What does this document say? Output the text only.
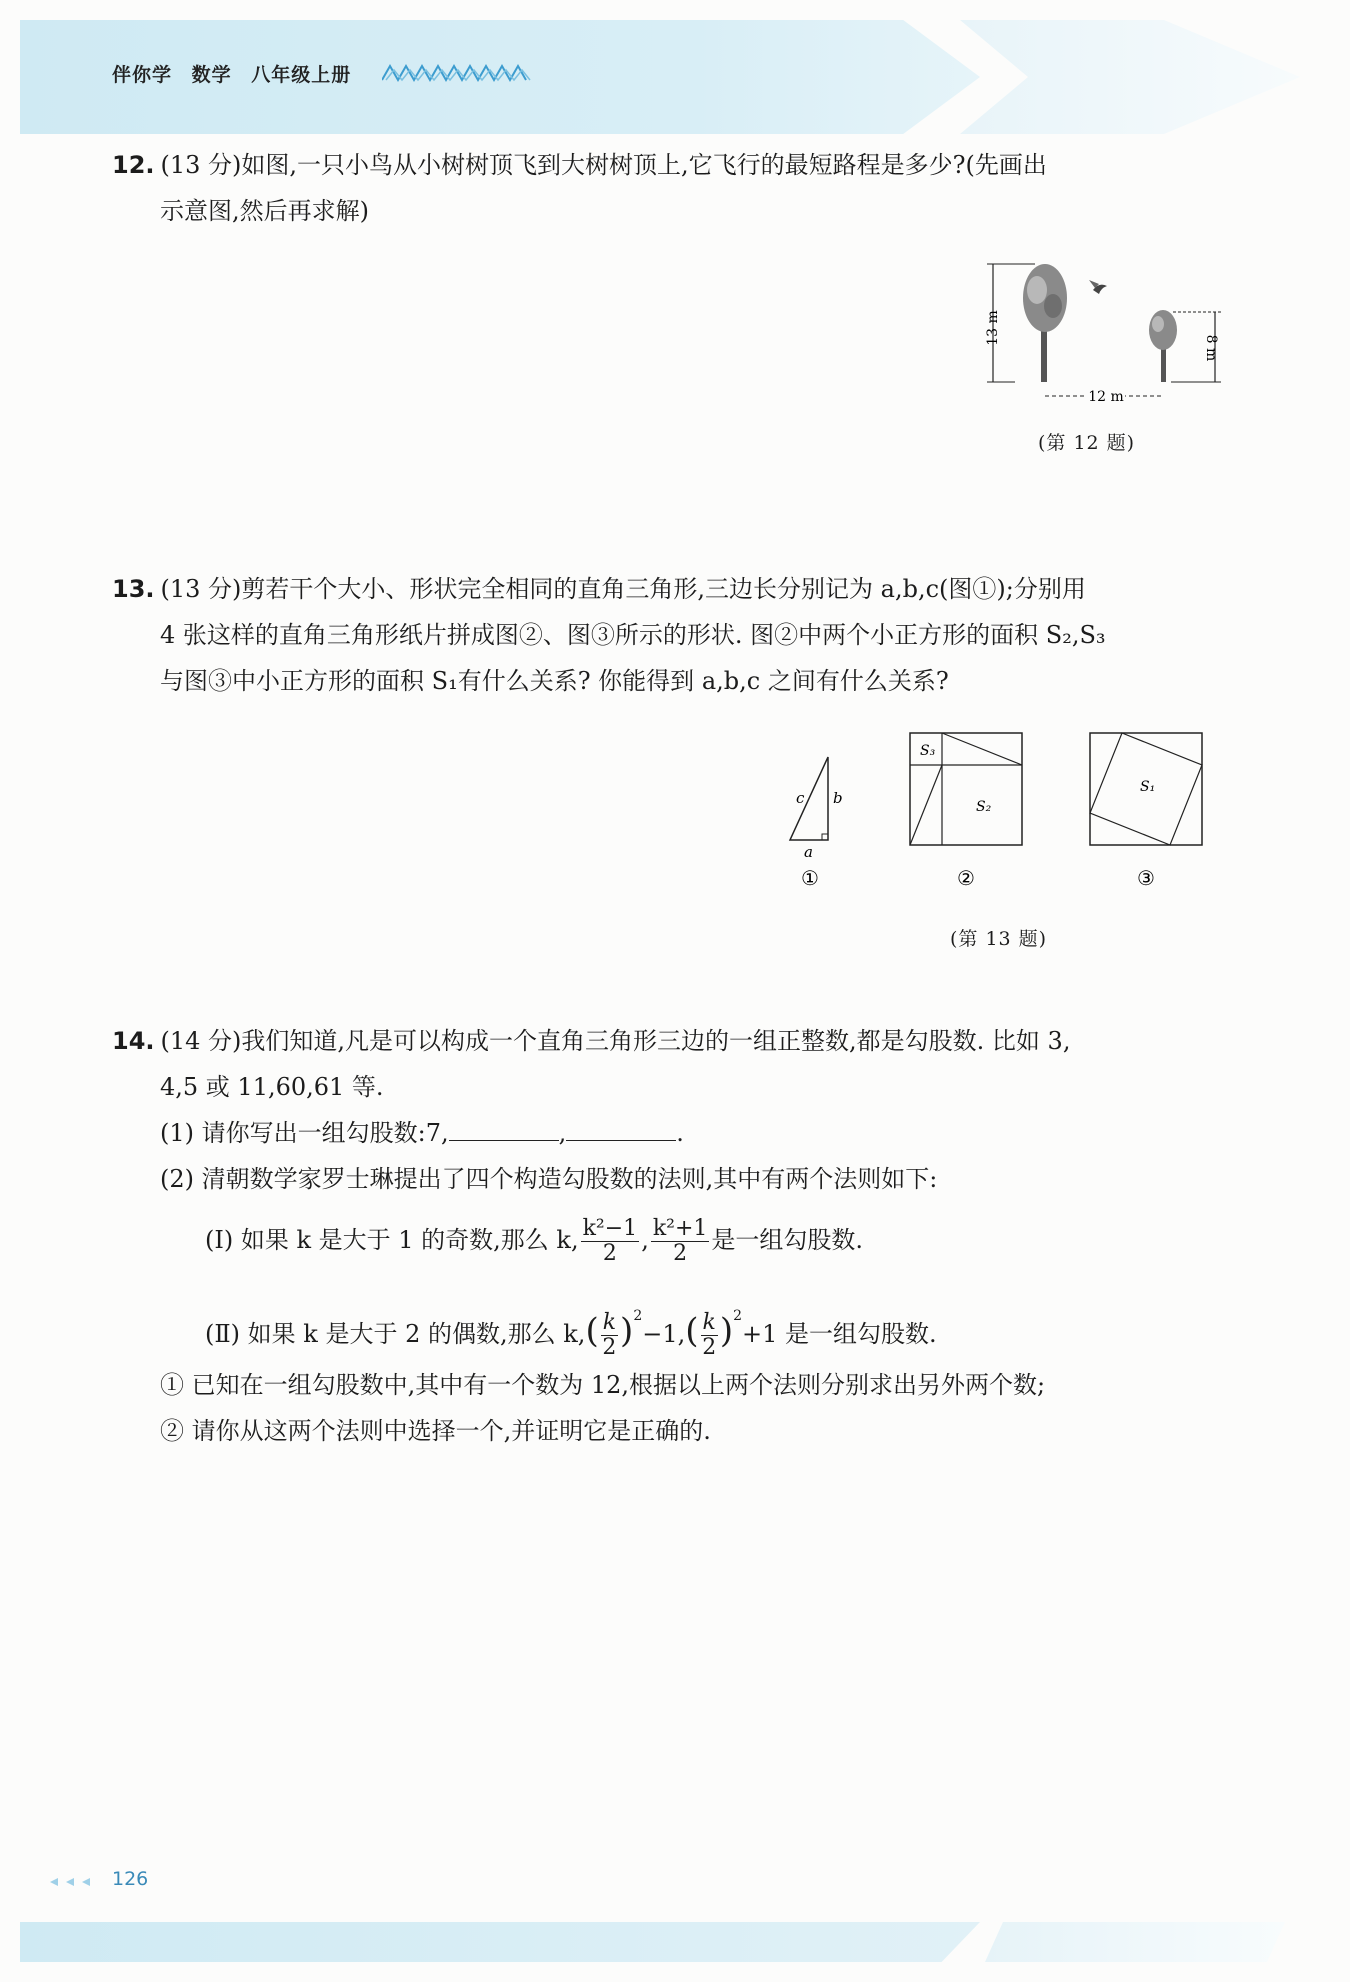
伴你学 数学 八年级上册
12. (13 分)如图,一只小鸟从小树树顶飞到大树树顶上,它飞行的最短路程是多少?(先画出
示意图,然后再求解)
13 m
8 m
12 m
(第 12 题)
13. (13 分)剪若干个大小、形状完全相同的直角三角形,三边长分别记为 a,b,c(图①);分别用
4 张这样的直角三角形纸片拼成图②、图③所示的形状. 图②中两个小正方形的面积 S₂,S₃
与图③中小正方形的面积 S₁有什么关系? 你能得到 a,b,c 之间有什么关系?
c b
a
①
S₃
S₂
②
S₁
③
(第 13 题)
14. (14 分)我们知道,凡是可以构成一个直角三角形三边的一组正整数,都是勾股数. 比如 3,
4,5 或 11,60,61 等.
(1) 请你写出一组勾股数:7,	,	.
(2) 清朝数学家罗士琳提出了四个构造勾股数的法则,其中有两个法则如下:
(Ⅰ) 如果 k 是大于 1 的奇数,那么 k, $\frac{\text{k²−1}}{2}$ , $\frac{\text{k²+1}}{2}$ 是一组勾股数.
(Ⅱ) 如果 k 是大于 2 的偶数,那么 $k,( \frac{k}{2} )^2-1,( \frac{k}{2} )^2+1$ 是一组勾股数.
① 已知在一组勾股数中,其中有一个数为 12,根据以上两个法则分别求出另外两个数;
② 请你从这两个法则中选择一个,并证明它是正确的.
126
